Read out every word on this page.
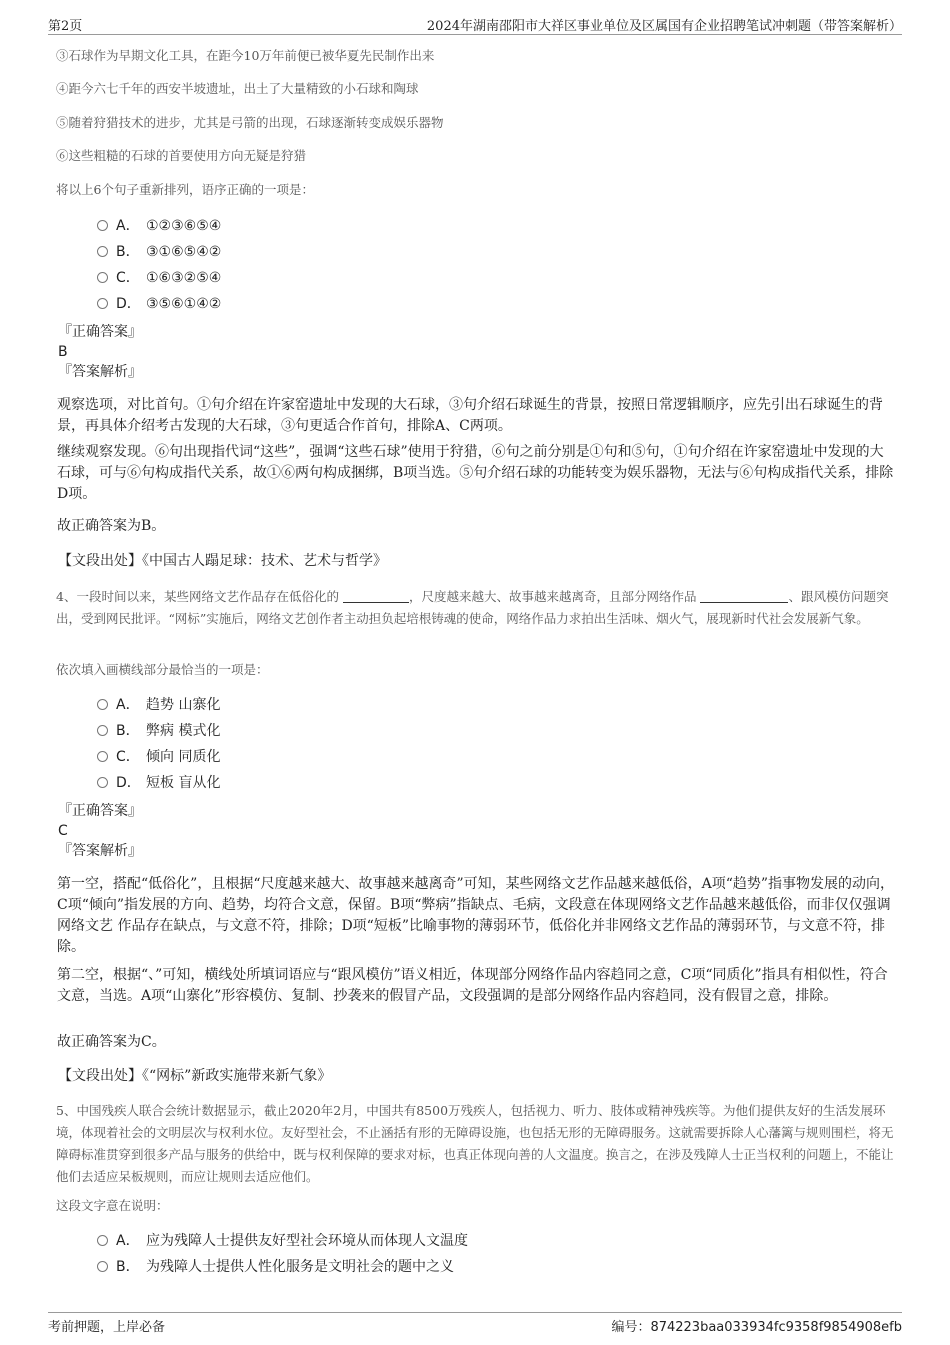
第2页	2024年湖南邵阳市大祥区事业单位及区属国有企业招聘笔试冲刺题（带答案解析）

③石球作为早期文化工具，在距今10万年前便已被华夏先民制作出来

④距今六七千年的西安半坡遗址，出土了大量精致的小石球和陶球

⑤随着狩猎技术的进步，尤其是弓箭的出现，石球逐渐转变成娱乐器物

⑥这些粗糙的石球的首要使用方向无疑是狩猎

将以上6个句子重新排列，语序正确的一项是：

A． ①②③⑥⑤④
B． ③①⑥⑤④②
C． ①⑥③②⑤④
D． ③⑤⑥①④②
『正确答案』
B
『答案解析』

观察选项，对比首句。①句介绍在许家窑遗址中发现的大石球，③句介绍石球诞生的背景，按照日常逻辑顺序，应先引出石球诞生的背景，再具体介绍考古发现的大石球，③句更适合作首句，排除A、C两项。

继续观察发现。⑥句出现指代词“这些”，强调“这些石球”使用于狩猎，⑥句之前分别是①句和⑤句，①句介绍在许家窑遗址中发现的大石球，可与⑥句构成指代关系，故①⑥两句构成捆绑，B项当选。⑤句介绍石球的功能转变为娱乐器物，无法与⑥句构成指代关系，排除D项。

故正确答案为B。

【文段出处】《中国古人蹋足球：技术、艺术与哲学》

4、一段时间以来，某些网络文艺作品存在低俗化的	，尺度越来越大、故事越来越离奇，且部分网络作品	、跟风模仿问题突出，受到网民批评。“网标”实施后，网络文艺创作者主动担负起培根铸魂的使命，网络作品力求拍出生活味、烟火气，展现新时代社会发展新气象。

依次填入画横线部分最恰当的一项是：

A． 趋势 山寨化
B． 弊病 模式化
C． 倾向 同质化
D． 短板 盲从化
『正确答案』
C
『答案解析』

第一空，搭配“低俗化”，且根据“尺度越来越大、故事越来越离奇”可知，某些网络文艺作品越来越低俗，A项“趋势”指事物发展的动向，C项“倾向”指发展的方向、趋势，均符合文意，保留。B项“弊病”指缺点、毛病，文段意在体现网络文艺作品越来越低俗，而非仅仅强调 网络文艺 作品存在缺点，与文意不符，排除；D项“短板”比喻事物的薄弱环节，低俗化并非网络文艺作品的薄弱环节，与文意不符，排除。

第二空，根据“、”可知，横线处所填词语应与“跟风模仿”语义相近，体现部分网络作品内容趋同之意，C项“同质化”指具有相似性，符合文意，当选。A项“山寨化”形容模仿、复制、抄袭来的假冒产品，文段强调的是部分网络作品内容趋同，没有假冒之意，排除。

故正确答案为C。

【文段出处】《“网标”新政实施带来新气象》

5、中国残疾人联合会统计数据显示，截止2020年2月，中国共有8500万残疾人，包括视力、听力、肢体或精神残疾等。为他们提供友好的生活发展环境，体现着社会的文明层次与权利水位。友好型社会，不止涵括有形的无障碍设施，也包括无形的无障碍服务。这就需要拆除人心藩篱与规则围栏，将无障碍标准贯穿到很多产品与服务的供给中，既与权利保障的要求对标，也真正体现向善的人文温度。换言之，在涉及残障人士正当权利的问题上，不能让他们去适应呆板规则，而应让规则去适应他们。

这段文字意在说明：

A． 应为残障人士提供友好型社会环境从而体现人文温度
B． 为残障人士提供人性化服务是文明社会的题中之义
考前押题，上岸必备	编号：874223baa033934fc9358f9854908efb
